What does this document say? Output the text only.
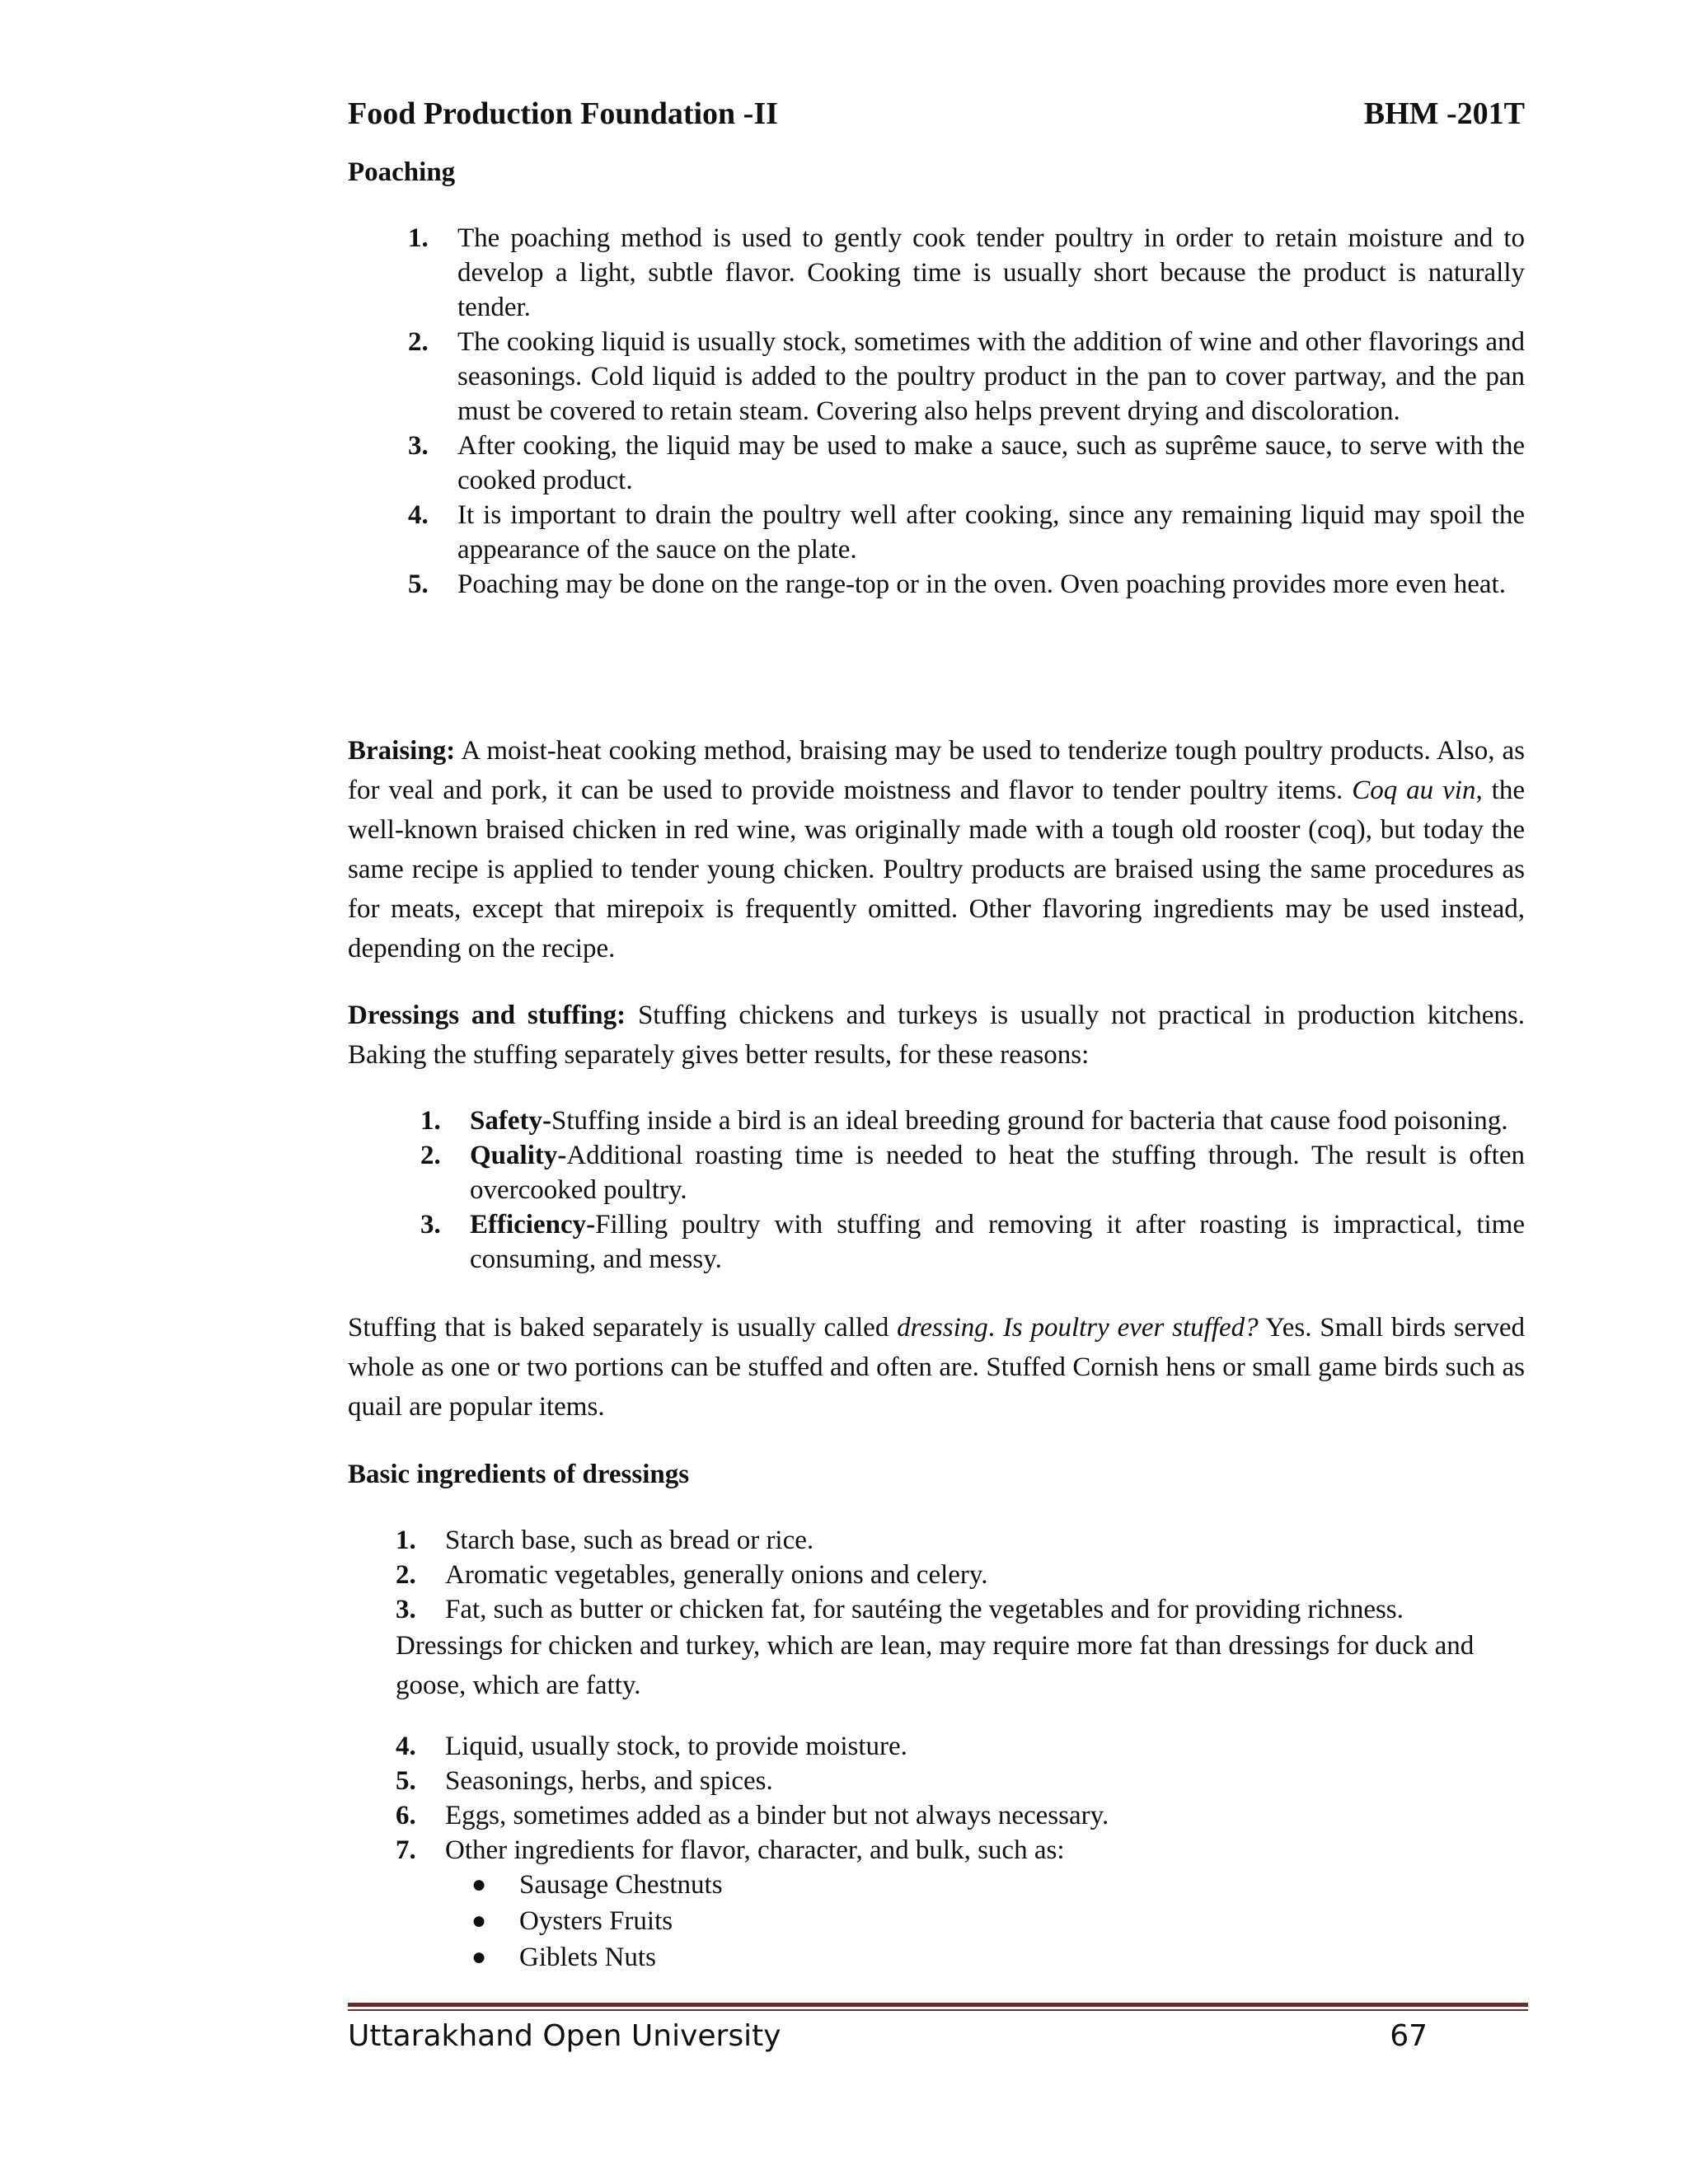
Food Production Foundation -II	BHM -201T
Poaching
1. The poaching method is used to gently cook tender poultry in order to retain moisture and to develop a light, subtle flavor. Cooking time is usually short because the product is naturally tender.
2. The cooking liquid is usually stock, sometimes with the addition of wine and other flavorings and seasonings. Cold liquid is added to the poultry product in the pan to cover partway, and the pan must be covered to retain steam. Covering also helps prevent drying and discoloration.
3. After cooking, the liquid may be used to make a sauce, such as suprême sauce, to serve with the cooked product.
4. It is important to drain the poultry well after cooking, since any remaining liquid may spoil the appearance of the sauce on the plate.
5. Poaching may be done on the range-top or in the oven. Oven poaching provides more even heat.

Braising: A moist-heat cooking method, braising may be used to tenderize tough poultry products. Also, as for veal and pork, it can be used to provide moistness and flavor to tender poultry items. Coq au vin, the well-known braised chicken in red wine, was originally made with a tough old rooster (coq), but today the same recipe is applied to tender young chicken. Poultry products are braised using the same procedures as for meats, except that mirepoix is frequently omitted. Other flavoring ingredients may be used instead, depending on the recipe.

Dressings and stuffing: Stuffing chickens and turkeys is usually not practical in production kitchens. Baking the stuffing separately gives better results, for these reasons:

1. Safety-Stuffing inside a bird is an ideal breeding ground for bacteria that cause food poisoning.
2. Quality-Additional roasting time is needed to heat the stuffing through. The result is often overcooked poultry.
3. Efficiency-Filling poultry with stuffing and removing it after roasting is impractical, time consuming, and messy.

Stuffing that is baked separately is usually called dressing. Is poultry ever stuffed? Yes. Small birds served whole as one or two portions can be stuffed and often are. Stuffed Cornish hens or small game birds such as quail are popular items.

Basic ingredients of dressings
1. Starch base, such as bread or rice.
2. Aromatic vegetables, generally onions and celery.
3. Fat, such as butter or chicken fat, for sautéing the vegetables and for providing richness.
Dressings for chicken and turkey, which are lean, may require more fat than dressings for duck and goose, which are fatty.
4. Liquid, usually stock, to provide moisture.
5. Seasonings, herbs, and spices.
6. Eggs, sometimes added as a binder but not always necessary.
7. Other ingredients for flavor, character, and bulk, such as:
● Sausage Chestnuts
● Oysters Fruits
● Giblets Nuts
Uttarakhand Open University	67
